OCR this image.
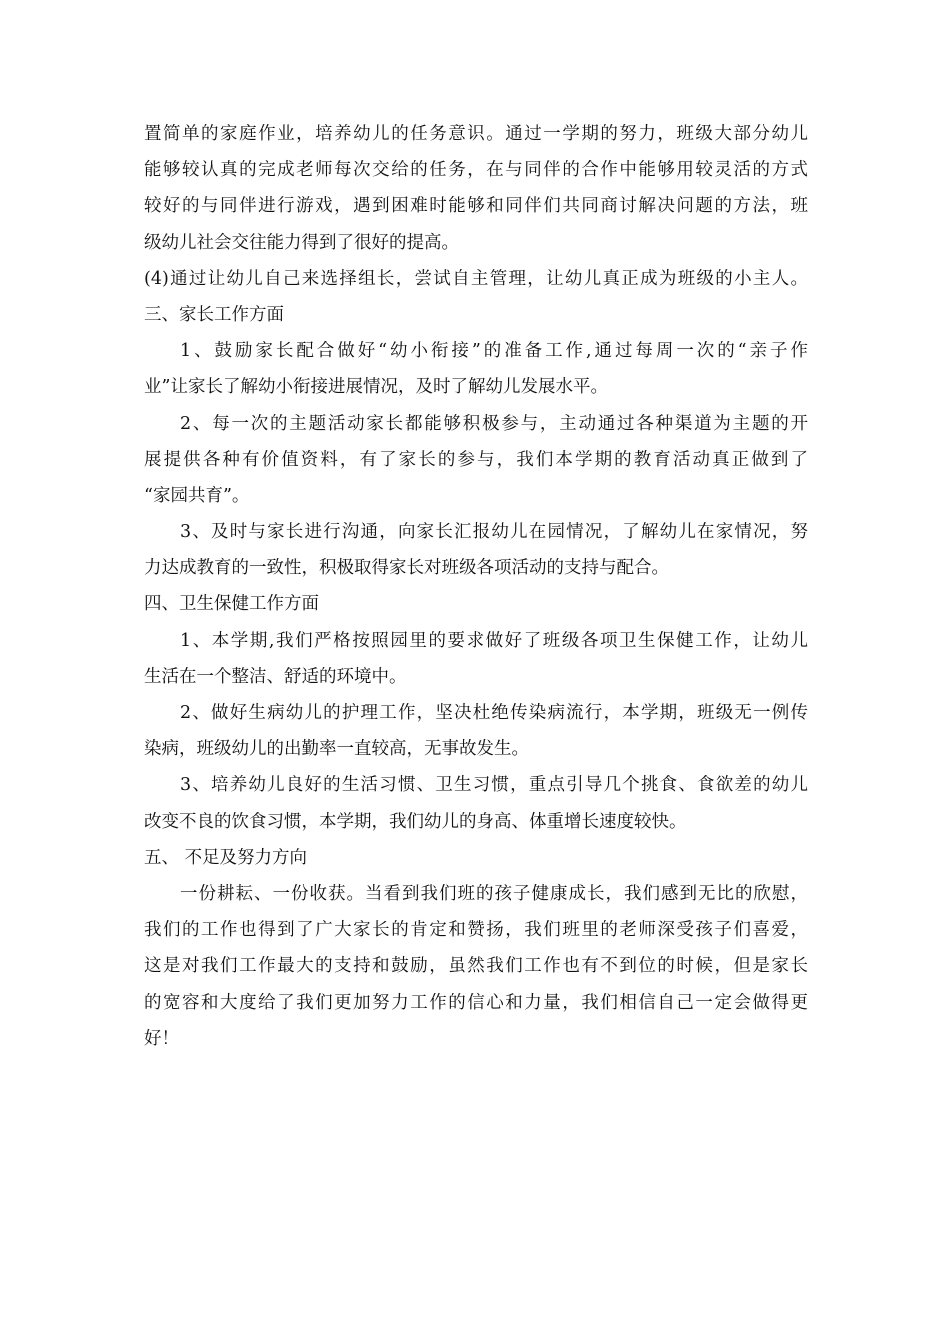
置简单的家庭作业，培养幼儿的任务意识。通过一学期的努力，班级大部分幼儿
能够较认真的完成老师每次交给的任务，在与同伴的合作中能够用较灵活的方式
较好的与同伴进行游戏，遇到困难时能够和同伴们共同商讨解决问题的方法，班
级幼儿社会交往能力得到了很好的提高。
(4)通过让幼儿自己来选择组长，尝试自主管理，让幼儿真正成为班级的小主人。
三、家长工作方面
1、鼓励家长配合做好“幼小衔接”的准备工作,通过每周一次的“亲子作
业”让家长了解幼小衔接进展情况，及时了解幼儿发展水平。
2、每一次的主题活动家长都能够积极参与，主动通过各种渠道为主题的开
展提供各种有价值资料，有了家长的参与，我们本学期的教育活动真正做到了
“家园共育”。
3、及时与家长进行沟通，向家长汇报幼儿在园情况，了解幼儿在家情况，努
力达成教育的一致性，积极取得家长对班级各项活动的支持与配合。
四、卫生保健工作方面
1、本学期,我们严格按照园里的要求做好了班级各项卫生保健工作，让幼儿
生活在一个整洁、舒适的环境中。
2、做好生病幼儿的护理工作，坚决杜绝传染病流行，本学期，班级无一例传
染病，班级幼儿的出勤率一直较高，无事故发生。
3、培养幼儿良好的生活习惯、卫生习惯，重点引导几个挑食、食欲差的幼儿
改变不良的饮食习惯，本学期，我们幼儿的身高、体重增长速度较快。
五、 不足及努力方向
一份耕耘、一份收获。当看到我们班的孩子健康成长，我们感到无比的欣慰，
我们的工作也得到了广大家长的肯定和赞扬，我们班里的老师深受孩子们喜爱，
这是对我们工作最大的支持和鼓励，虽然我们工作也有不到位的时候，但是家长
的宽容和大度给了我们更加努力工作的信心和力量，我们相信自己一定会做得更
好！
